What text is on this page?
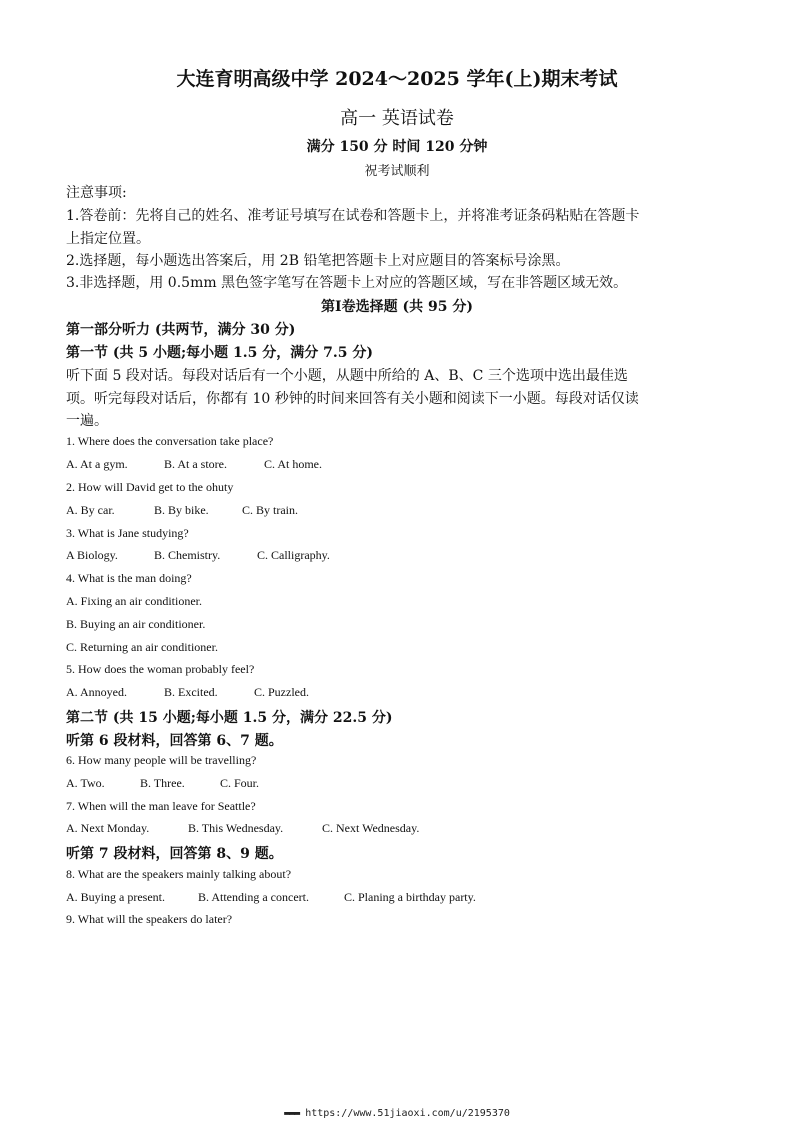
大连育明高级中学 2024～2025 学年(上)期末考试
高一 英语试卷
满分 150 分 时间 120 分钟
祝考试顺利
注意事项:
1.答卷前：先将自己的姓名、准考证号填写在试卷和答题卡上，并将准考证条码粘贴在答题卡
上指定位置。
2.选择题，每小题选出答案后，用 2B 铅笔把答题卡上对应题目的答案标号涂黑。
3.非选择题，用 0.5mm 黑色签字笔写在答题卡上对应的答题区域，写在非答题区域无效。
第Ⅰ卷选择题 (共 95 分)
第一部分听力 (共两节，满分 30 分)
第一节 (共 5 小题;每小题 1.5 分，满分 7.5 分)
听下面 5 段对话。每段对话后有一个小题，从题中所给的 A、B、C 三个选项中选出最佳选
项。听完每段对话后，你都有 10 秒钟的时间来回答有关小题和阅读下一小题。每段对话仅读
一遍。
1. Where does the conversation take place?
A. At a gym.	B. At a store.	C. At home.
2. How will David get to the ohuty
A. By car.	B. By bike.	C. By train.
3. What is Jane studying?
A Biology.	B. Chemistry.	C. Calligraphy.
4. What is the man doing?
A. Fixing an air conditioner.
B. Buying an air conditioner.
C. Returning an air conditioner.
5. How does the woman probably feel?
A. Annoyed.	B. Excited.	C. Puzzled.
第二节 (共 15 小题;每小题 1.5 分，满分 22.5 分)
听第 6 段材料，回答第 6、7 题。
6. How many people will be travelling?
A. Two.	B. Three.	C. Four.
7. When will the man leave for Seattle?
A. Next Monday.	B. This Wednesday.	C. Next Wednesday.
听第 7 段材料，回答第 8、9 题。
8. What are the speakers mainly talking about?
A. Buying a present.	B. Attending a concert.	C. Planing a birthday party.
9. What will the speakers do later?
▬▬▬ https://www.51jiaoxi.com/u/2195370
